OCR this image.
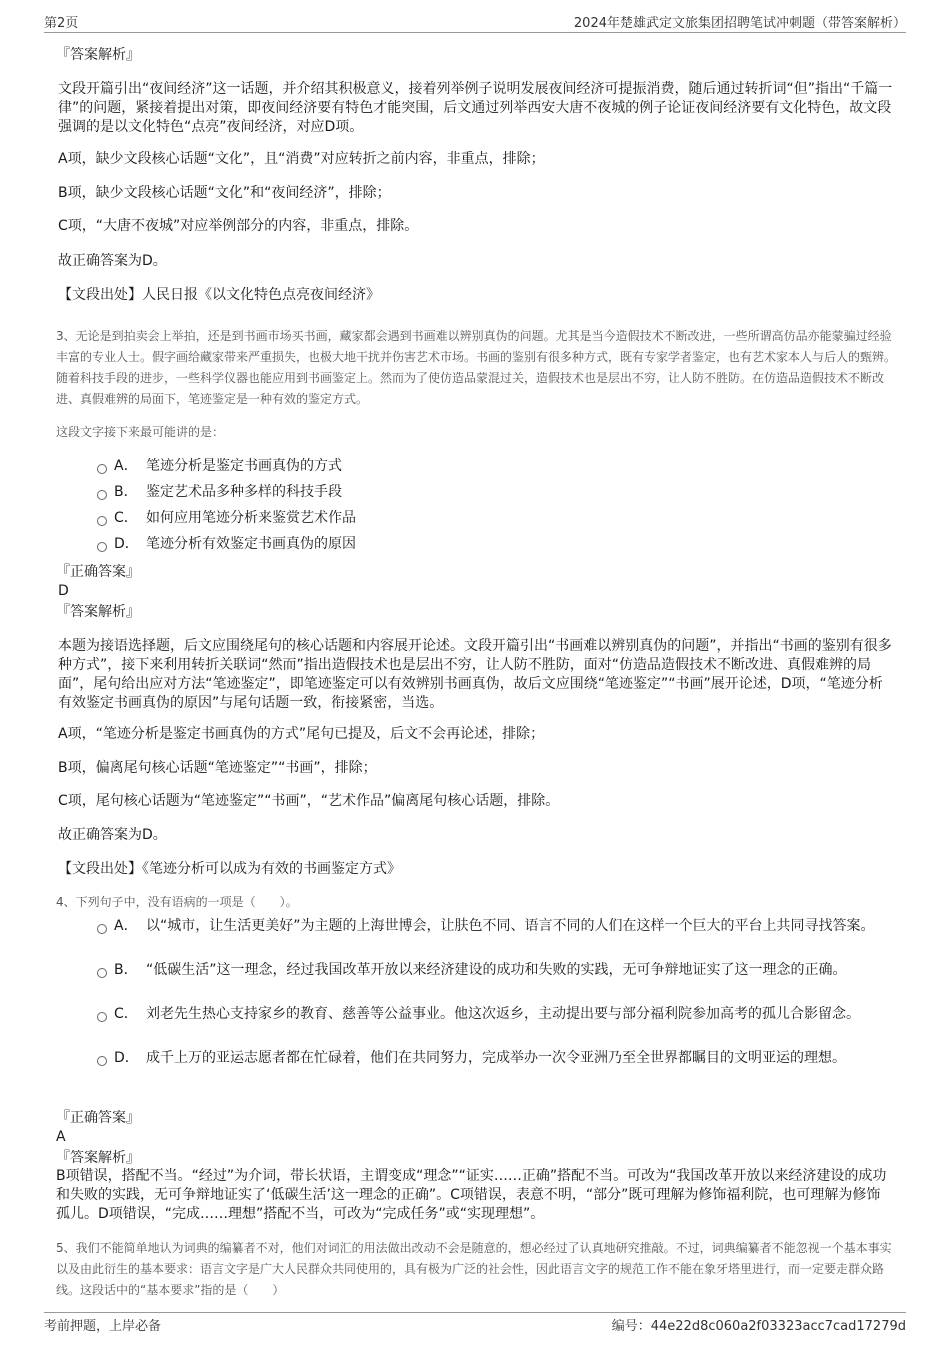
第2页	2024年楚雄武定文旅集团招聘笔试冲刺题（带答案解析）
『答案解析』
文段开篇引出“夜间经济”这一话题，并介绍其积极意义，接着列举例子说明发展夜间经济可提振消费，随后通过转折词“但”指出“千篇一律”的问题，紧接着提出对策，即夜间经济要有特色才能突围，后文通过列举西安大唐不夜城的例子论证夜间经济要有文化特色，故文段强调的是以文化特色“点亮”夜间经济，对应D项。
A项，缺少文段核心话题“文化”，且“消费”对应转折之前内容，非重点，排除；
B项，缺少文段核心话题“文化”和“夜间经济”，排除；
C项，“大唐不夜城”对应举例部分的内容，非重点，排除。
故正确答案为D。
【文段出处】人民日报《以文化特色点亮夜间经济》
3、无论是到拍卖会上举拍，还是到书画市场买书画，藏家都会遇到书画难以辨别真伪的问题。尤其是当今造假技术不断改进，一些所谓高仿品亦能蒙骗过经验丰富的专业人士。假字画给藏家带来严重损失，也极大地干扰并伤害艺术市场。书画的鉴别有很多种方式，既有专家学者鉴定，也有艺术家本人与后人的甄辨。随着科技手段的进步，一些科学仪器也能应用到书画鉴定上。然而为了使仿造品蒙混过关，造假技术也是层出不穷，让人防不胜防。在仿造品造假技术不断改进、真假难辨的局面下，笔迹鉴定是一种有效的鉴定方式。
这段文字接下来最可能讲的是：
A． 笔迹分析是鉴定书画真伪的方式
B． 鉴定艺术品多种多样的科技手段
C． 如何应用笔迹分析来鉴赏艺术作品
D． 笔迹分析有效鉴定书画真伪的原因
『正确答案』
D
『答案解析』
本题为接语选择题，后文应围绕尾句的核心话题和内容展开论述。文段开篇引出“书画难以辨别真伪的问题”，并指出“书画的鉴别有很多种方式”，接下来利用转折关联词“然而”指出造假技术也是层出不穷，让人防不胜防，面对“仿造品造假技术不断改进、真假难辨的局面”，尾句给出应对方法“笔迹鉴定”，即笔迹鉴定可以有效辨别书画真伪，故后文应围绕“笔迹鉴定”“书画”展开论述，D项，“笔迹分析有效鉴定书画真伪的原因”与尾句话题一致，衔接紧密，当选。
A项，“笔迹分析是鉴定书画真伪的方式”尾句已提及，后文不会再论述，排除；
B项，偏离尾句核心话题“笔迹鉴定”“书画”，排除；
C项，尾句核心话题为“笔迹鉴定”“书画”，“艺术作品”偏离尾句核心话题，排除。
故正确答案为D。
【文段出处】《笔迹分析可以成为有效的书画鉴定方式》
4、下列句子中，没有语病的一项是（　　）。
A． 以“城市，让生活更美好”为主题的上海世博会，让肤色不同、语言不同的人们在这样一个巨大的平台上共同寻找答案。
B． “低碳生活”这一理念，经过我国改革开放以来经济建设的成功和失败的实践，无可争辩地证实了这一理念的正确。
C． 刘老先生热心支持家乡的教育、慈善等公益事业。他这次返乡，主动提出要与部分福利院参加高考的孤儿合影留念。
D． 成千上万的亚运志愿者都在忙碌着，他们在共同努力，完成举办一次令亚洲乃至全世界都瞩目的文明亚运的理想。
『正确答案』
A
『答案解析』
B项错误，搭配不当。“经过”为介词，带长状语，主谓变成“理念”“证实……正确”搭配不当。可改为“我国改革开放以来经济建设的成功和失败的实践，无可争辩地证实了‘低碳生活’这一理念的正确”。C项错误，表意不明，“部分”既可理解为修饰福利院，也可理解为修饰孤儿。D项错误，“完成……理想”搭配不当，可改为“完成任务”或“实现理想”。
5、我们不能简单地认为词典的编纂者不对，他们对词汇的用法做出改动不会是随意的，想必经过了认真地研究推敲。不过，词典编纂者不能忽视一个基本事实以及由此衍生的基本要求：语言文字是广大人民群众共同使用的，具有极为广泛的社会性，因此语言文字的规范工作不能在象牙塔里进行，而一定要走群众路线。这段话中的“基本要求”指的是（　　）
考前押题，上岸必备	编号：44e22d8c060a2f03323acc7cad17279d
